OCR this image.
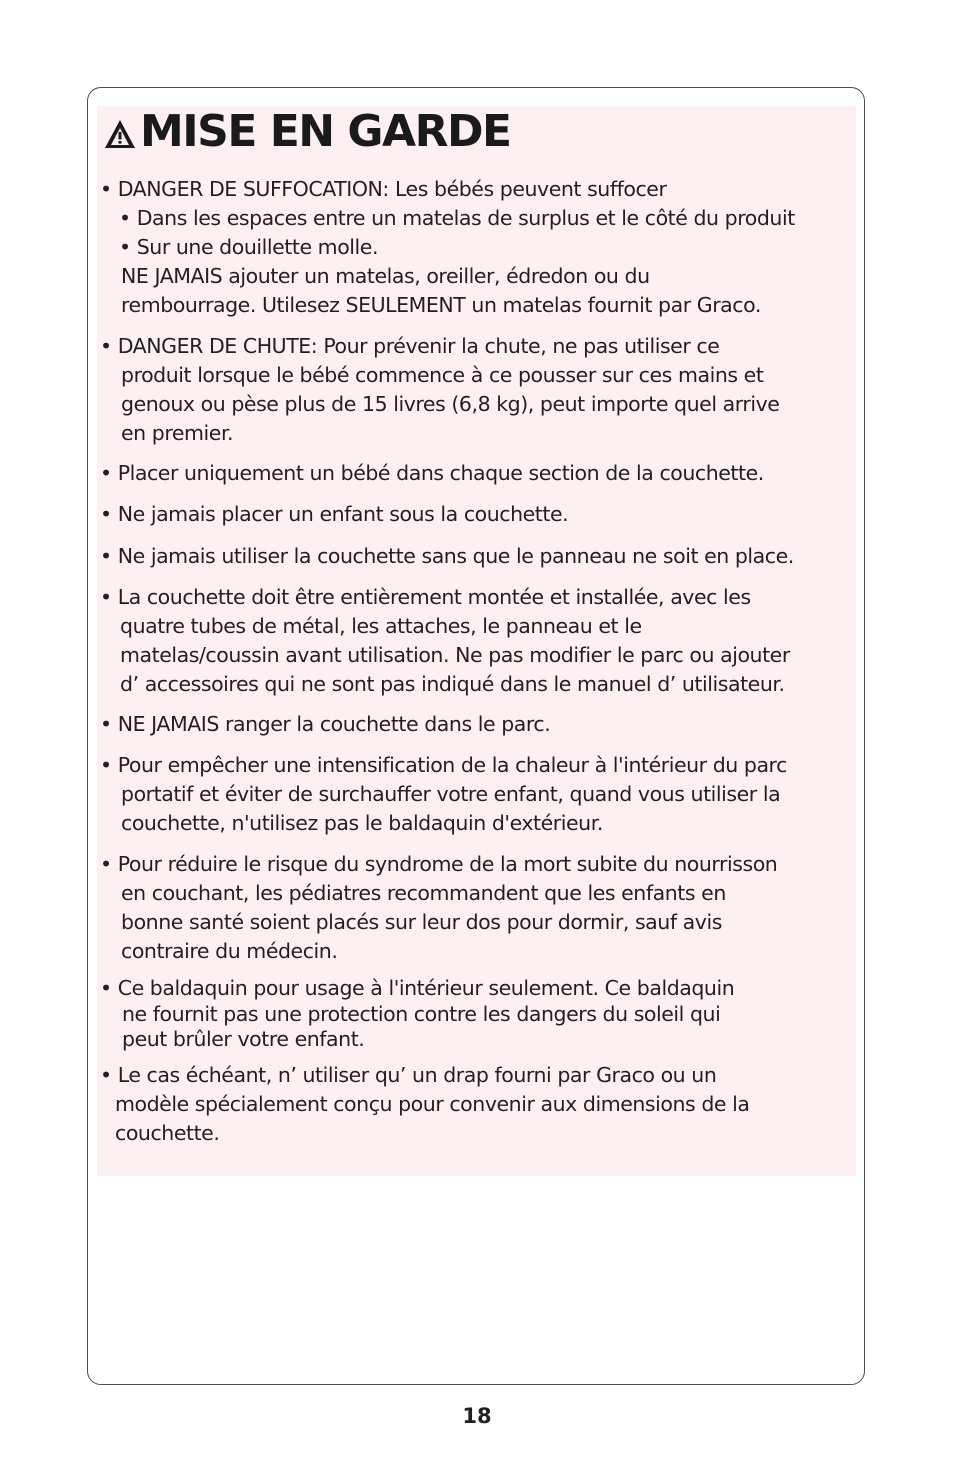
MISE EN GARDE
• DANGER DE SUFFOCATION: Les bébés peuvent suffocer
• Dans les espaces entre un matelas de surplus et le côté du produit
• Sur une douillette molle.
NE JAMAIS ajouter un matelas, oreiller, édredon ou du
rembourrage. Utilesez SEULEMENT un matelas fournit par Graco.
• DANGER DE CHUTE: Pour prévenir la chute, ne pas utiliser ce
produit lorsque le bébé commence à ce pousser sur ces mains et
genoux ou pèse plus de 15 livres (6,8 kg), peut importe quel arrive
en premier.
• Placer uniquement un bébé dans chaque section de la couchette.
• Ne jamais placer un enfant sous la couchette.
• Ne jamais utiliser la couchette sans que le panneau ne soit en place.
• La couchette doit être entièrement montée et installée, avec les
quatre tubes de métal, les attaches, le panneau et le
matelas/coussin avant utilisation. Ne pas modifier le parc ou ajouter
d’ accessoires qui ne sont pas indiqué dans le manuel d’ utilisateur.
• NE JAMAIS ranger la couchette dans le parc.
• Pour empêcher une intensification de la chaleur à l'intérieur du parc
portatif et éviter de surchauffer votre enfant, quand vous utiliser la
couchette, n'utilisez pas le baldaquin d'extérieur.
• Pour réduire le risque du syndrome de la mort subite du nourrisson
en couchant, les pédiatres recommandent que les enfants en
bonne santé soient placés sur leur dos pour dormir, sauf avis
contraire du médecin.
• Ce baldaquin pour usage à l'intérieur seulement. Ce baldaquin
ne fournit pas une protection contre les dangers du soleil qui
peut brûler votre enfant.
• Le cas échéant, n’ utiliser qu’ un drap fourni par Graco ou un
modèle spécialement conçu pour convenir aux dimensions de la
couchette.
18
